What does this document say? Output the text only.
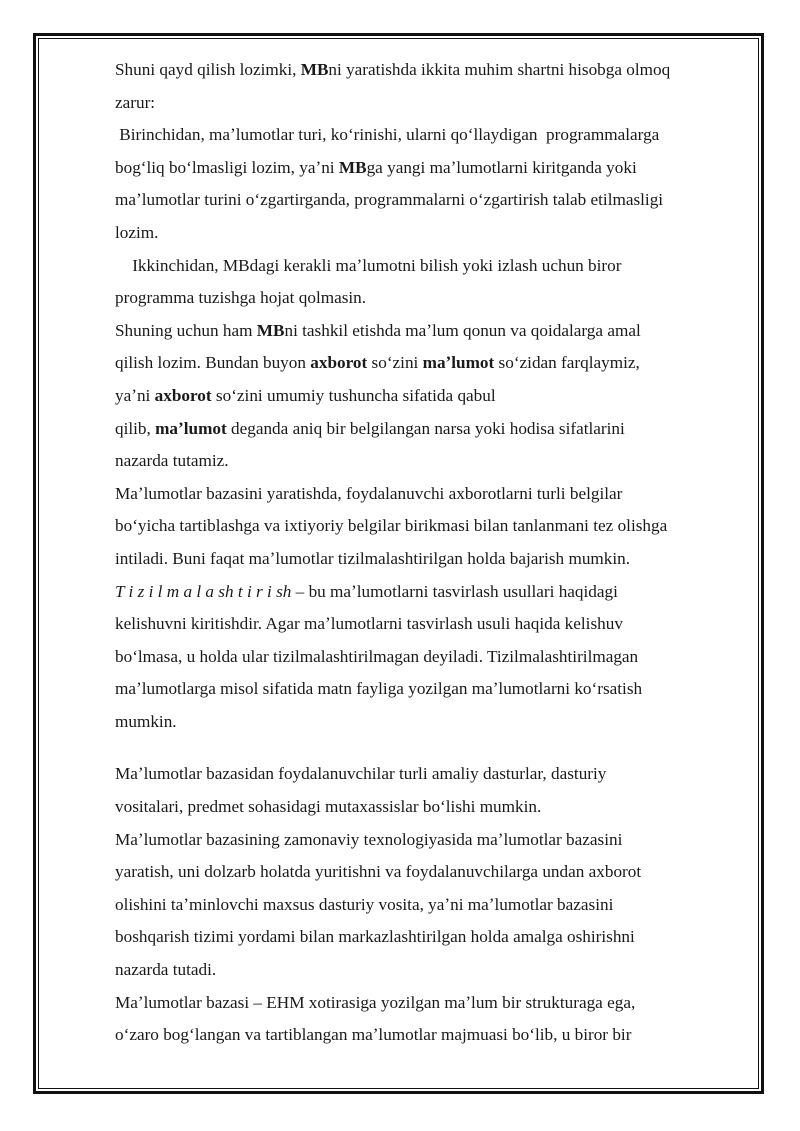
Shuni qayd qilish lozimki, MBni yaratishda ikkita muhim shartni hisobga olmoq
zarur:
Birinchidan, maʼlumotlar turi, koʻrinishi, ularni qoʻllaydigan  programmalarga
bogʻliq boʻlmasligi lozim, yaʼni MBga yangi maʼlumotlarni kiritganda yoki
maʼlumotlar turini oʻzgartirganda, programmalarni oʻzgartirish talab etilmasligi
lozim.
Ikkinchidan, MBdagi kerakli maʼlumotni bilish yoki izlash uchun biror
programma tuzishga hojat qolmasin.
Shuning uchun ham MBni tashkil etishda maʼlum qonun va qoidalarga amal
qilish lozim. Bundan buyon axborot soʻzini maʼlumot soʻzidan farqlaymiz,
yaʼni axborot soʻzini umumiy tushuncha sifatida qabul
qilib, maʼlumot deganda aniq bir belgilangan narsa yoki hodisa sifatlarini
nazarda tutamiz.
Maʼlumotlar bazasini yaratishda, foydalanuvchi axborotlarni turli belgilar
boʻyicha tartiblashga va ixtiyoriy belgilar birikmasi bilan tanlanmani tez olishga
intiladi. Buni faqat maʼlumotlar tizilmalashtirilgan holda bajarish mumkin.
T i z i l m a l a sh t i r i sh – bu maʼlumotlarni tasvirlash usullari haqidagi
kelishuvni kiritishdir. Agar maʼlumotlarni tasvirlash usuli haqida kelishuv
boʻlmasa, u holda ular tizilmalashtirilmagan deyiladi. Tizilmalashtirilmagan
maʼlumotlarga misol sifatida matn fayliga yozilgan maʼlumotlarni koʻrsatish
mumkin.
Maʼlumotlar bazasidan foydalanuvchilar turli amaliy dasturlar, dasturiy
vositalari, predmet sohasidagi mutaxassislar boʻlishi mumkin.
Maʼlumotlar bazasining zamonaviy texnologiyasida maʼlumotlar bazasini
yaratish, uni dolzarb holatda yuritishni va foydalanuvchilarga undan axborot
olishini taʼminlovchi maxsus dasturiy vosita, yaʼni maʼlumotlar bazasini
boshqarish tizimi yordami bilan markazlashtirilgan holda amalga oshirishni
nazarda tutadi.
Maʼlumotlar bazasi – EHM xotirasiga yozilgan maʼlum bir strukturaga ega,
oʻzaro bogʻlangan va tartiblangan maʼlumotlar majmuasi boʻlib, u biror bir
